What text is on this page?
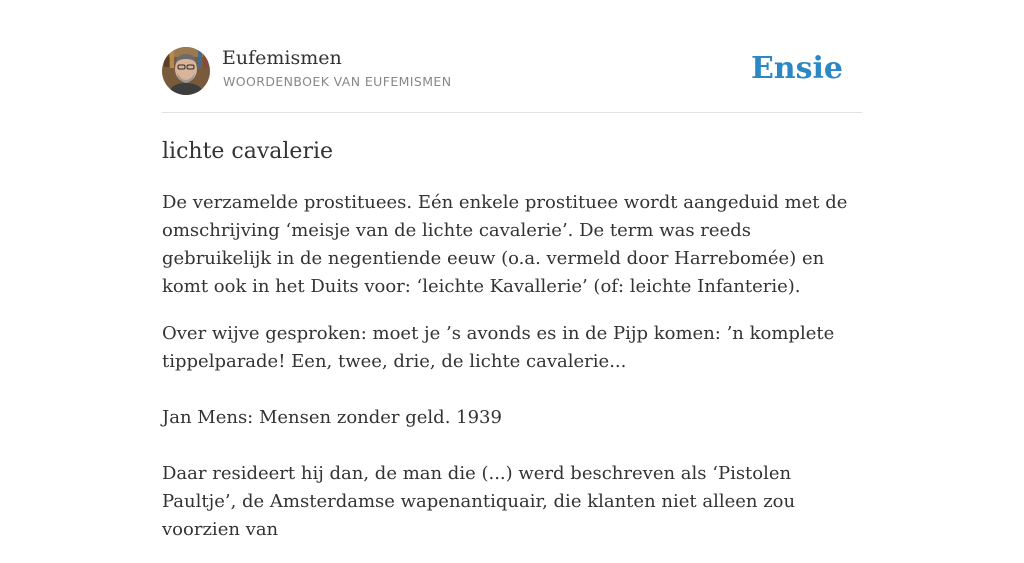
Eufemismen
WOORDENBOEK VAN EUFEMISMEN	Ensie
lichte cavalerie

De verzamelde prostituees. Eén enkele prostituee wordt aangeduid met de omschrijving ‘meisje van de lichte cavalerie’. De term was reeds gebruikelijk in de negentiende eeuw (o.a. vermeld door Harrebomée) en komt ook in het Duits voor: ‘leichte Kavallerie’ (of: leichte Infanterie).

Over wijve gesproken: moet je ’s avonds es in de Pijp komen: ’n komplete tippelparade! Een, twee, drie, de lichte cavalerie...
Jan Mens: Mensen zonder geld. 1939
Daar resideert hij dan, de man die (...) werd beschreven als ‘Pistolen Paultje’, de Amsterdamse wapenantiquair, die klanten niet alleen zou voorzien van
